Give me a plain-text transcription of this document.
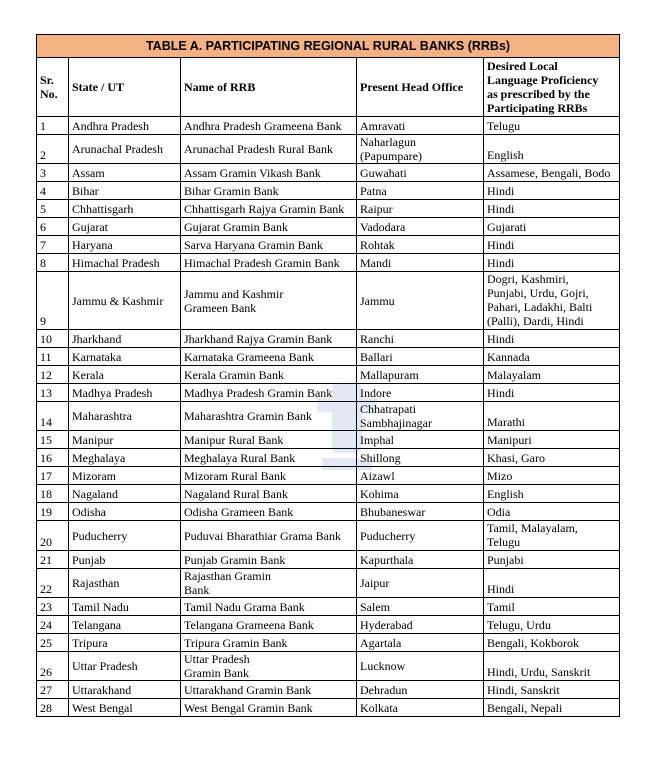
TABLE A. PARTICIPATING REGIONAL RURAL BANKS (RRBs)				
Sr.
No.	State / UT	Name of RRB	Present Head Office	Desired Local
Language Proficiency
as prescribed by the
Participating RRBs
1	Andhra Pradesh	Andhra Pradesh Grameena Bank	Amravati	Telugu
2	Arunachal Pradesh	Arunachal Pradesh Rural Bank	Naharlagun
(Papumpare)	English
3	Assam	Assam Gramin Vikash Bank	Guwahati	Assamese, Bengali, Bodo
4	Bihar	Bihar Gramin Bank	Patna	Hindi
5	Chhattisgarh	Chhattisgarh Rajya Gramin Bank	Raipur	Hindi
6	Gujarat	Gujarat Gramin Bank	Vadodara	Gujarati
7	Haryana	Sarva Haryana Gramin Bank	Rohtak	Hindi
8	Himachal Pradesh	Himachal Pradesh Gramin Bank	Mandi	Hindi
9	Jammu & Kashmir	Jammu and Kashmir
Grameen Bank	Jammu	Dogri, Kashmiri,
Punjabi, Urdu, Gojri,
Pahari, Ladakhi, Balti
(Palli), Dardi, Hindi
10	Jharkhand	Jharkhand Rajya Gramin Bank	Ranchi	Hindi
11	Karnataka	Karnataka Grameena Bank	Ballari	Kannada
12	Kerala	Kerala Gramin Bank	Mallapuram	Malayalam
13	Madhya Pradesh	Madhya Pradesh Gramin Bank	Indore	Hindi
14	Maharashtra	Maharashtra Gramin Bank	Chhatrapati
Sambhajinagar	Marathi
15	Manipur	Manipur Rural Bank	Imphal	Manipuri
16	Meghalaya	Meghalaya Rural Bank	Shillong	Khasi, Garo
17	Mizoram	Mizoram Rural Bank	Aizawl	Mizo
18	Nagaland	Nagaland Rural Bank	Kohima	English
19	Odisha	Odisha Grameen Bank	Bhubaneswar	Odia
20	Puducherry	Puduvai Bharathiar Grama Bank	Puducherry	Tamil, Malayalam,
Telugu
21	Punjab	Punjab Gramin Bank	Kapurthala	Punjabi
22	Rajasthan	Rajasthan Gramin
Bank	Jaipur	Hindi
23	Tamil Nadu	Tamil Nadu Grama Bank	Salem	Tamil
24	Telangana	Telangana Grameena Bank	Hyderabad	Telugu, Urdu
25	Tripura	Tripura Gramin Bank	Agartala	Bengali, Kokborok
26	Uttar Pradesh	Uttar Pradesh
Gramin Bank	Lucknow	Hindi, Urdu, Sanskrit
27	Uttarakhand	Uttarakhand Gramin Bank	Dehradun	Hindi, Sanskrit
28	West Bengal	West Bengal Gramin Bank	Kolkata	Bengali, Nepali
